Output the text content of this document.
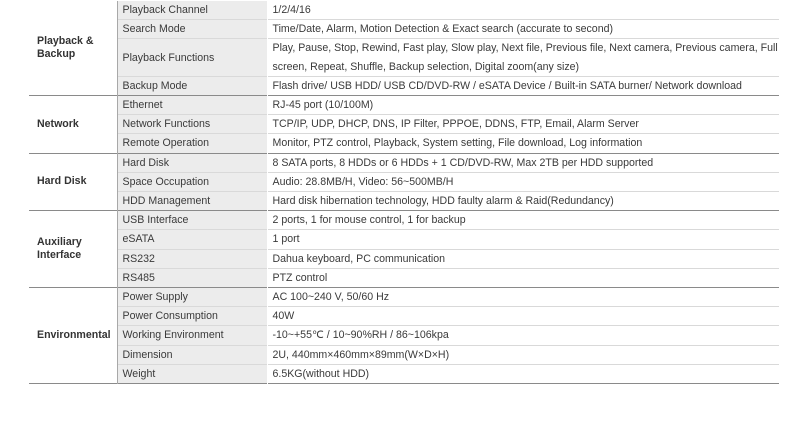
Playback & Backup	Playback Channel	1/2/4/16
	Search Mode	Time/Date, Alarm, Motion Detection & Exact search (accurate to second)
	Playback Functions	Play, Pause, Stop, Rewind, Fast play, Slow play, Next file, Previous file, Next camera, Previous camera, Full screen, Repeat, Shuffle, Backup selection, Digital zoom(any size)
	Backup Mode	Flash drive/ USB HDD/ USB CD/DVD-RW / eSATA Device / Built-in SATA burner/ Network download
Network	Ethernet	RJ-45 port (10/100M)
	Network Functions	TCP/IP, UDP, DHCP, DNS, IP Filter, PPPOE, DDNS, FTP, Email, Alarm Server
	Remote Operation	Monitor, PTZ control, Playback, System setting, File download, Log information
Hard Disk	Hard Disk	8 SATA ports, 8 HDDs or 6 HDDs + 1 CD/DVD-RW, Max 2TB per HDD supported
	Space Occupation	Audio: 28.8MB/H, Video: 56~500MB/H
	HDD Management	Hard disk hibernation technology, HDD faulty alarm & Raid(Redundancy)
Auxiliary Interface	USB Interface	2 ports, 1 for mouse control, 1 for backup
	eSATA	1 port
	RS232	Dahua keyboard, PC communication
	RS485	PTZ control
Environmental	Power Supply	AC 100~240 V, 50/60 Hz
	Power Consumption	40W
	Working Environment	-10~+55℃ / 10~90%RH / 86~106kpa
	Dimension	2U, 440mm×460mm×89mm(W×D×H)
	Weight	6.5KG(without HDD)
